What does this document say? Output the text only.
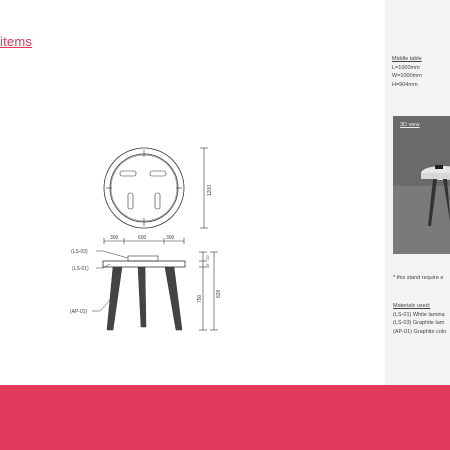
items
1200
300	600	300
(LS-03)
(LS-01)
(AP-01)
20
16
750
826
Middle table
L=1000mm
W=1000mm
H=904mm
3D view
* this stand require e
Materials used:
(LS-01) White lamina
(LS-03) Graphite lam
(AP-01) Graphite colo
